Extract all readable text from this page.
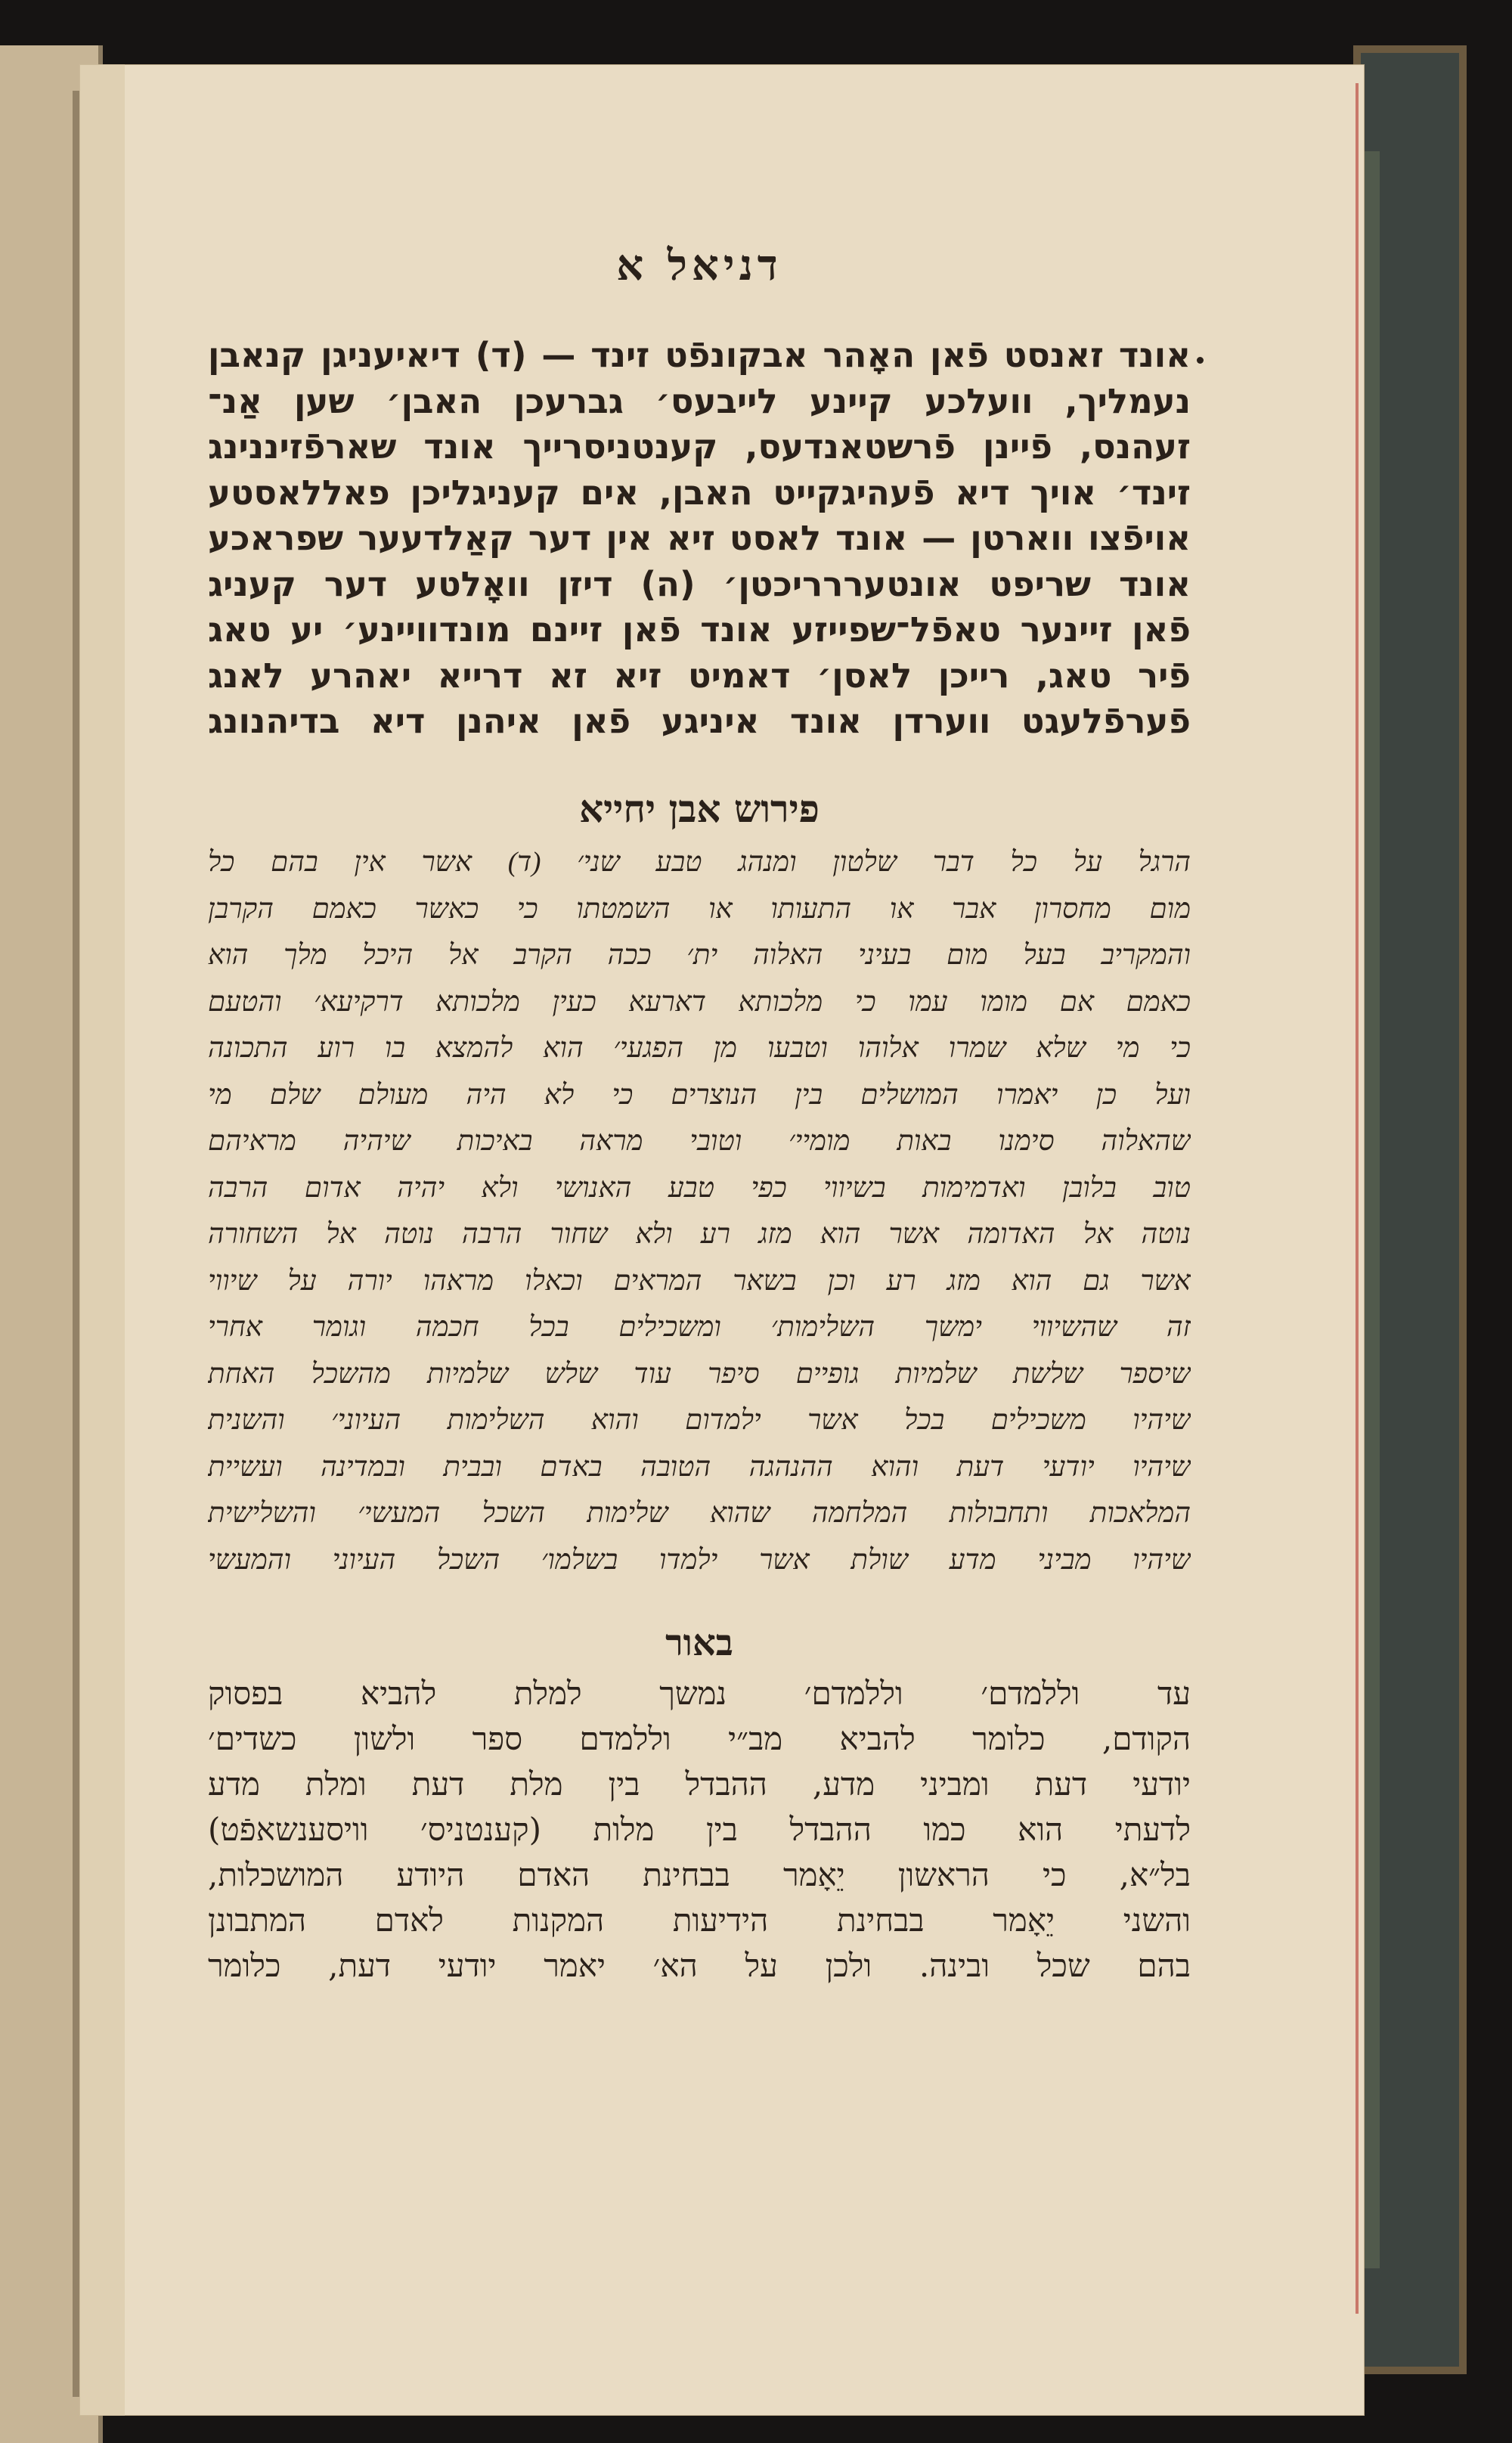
דניאל א
אונד זאנסט פֿאן האָהר אבקונפֿט זינד — (ד) דיאיעניגן קנאבן
נעמליך, וועלכע קיינע לייבעס׳ גברעכן האבן׳ שען אַנ־
זעהנס, פֿיינן פֿרשטאנדעס, קענטניסרייך אונד שארפֿזיננינג
זינד׳ אויך דיא פֿעהיגקייט האבן, אים קעניגליכן פאללאסטע
אויפֿצו ווארטן — אונד לאסט זיא אין דער קאַלדעער שפראכע
אונד שריפט אונטעררריכטן׳ (ה) דיזן וואָלטע דער קעניג
פֿאן זיינער טאפֿל־שפייזע אונד פֿאן זיינם מונדוויינע׳ יע טאג
פֿיר טאג, רייכן לאסן׳ דאמיט זיא זא דרייא יאהרע לאנג
פֿערפֿלעגט ווערדן אונד איניגע פֿאן איהנן דיא בדיהנונג
פירוש אבן יחייא
הרגל על כל דבר שלטון ומנהג טבע שני׳ (ד) אשר אין בהם כל
מום מחסרון אבר או התעותו או השמטתו כי כאשר כאמם הקרבן
והמקריב בעל מום בעיני האלוה ית׳ ככה הקרב אל היכל מלך הוא
כאמם אם מומו עמו כי מלכותא דארעא כעין מלכותא דרקיעא׳ והטעם
כי מי שלא שמרו אלוהו וטבעו מן הפגעי׳ הוא להמצא בו רוע התכונה
ועל כן יאמרו המושלים בין הנוצרים כי לא היה מעולם שלם מי
שהאלוה סימנו באות מומיי׳ וטובי מראה באיכות שיהיה מראיהם
טוב בלובן ואדמימות בשיווי כפי טבע האנושי ולא יהיה אדום הרבה
נוטה אל האדומה אשר הוא מזג רע ולא שחור הרבה נוטה אל השחורה
אשר גם הוא מזג רע וכן בשאר המראים וכאלו מראהו יורה על שיווי
זה שהשיווי ימשך השלימות׳ ומשכילים בכל חכמה וגומר אחרי
שיספר שלשת שלמיות גופיים סיפר עוד שלש שלמיות מהשכל האחת
שיהיו משכילים בכל אשר ילמדום והוא השלימות העיוני׳ והשנית
שיהיו יודעי דעת והוא ההנהגה הטובה באדם ובבית ובמדינה ועשיית
המלאכות ותחבולות המלחמה שהוא שלימות השכל המעשי׳ והשלישית
שיהיו מביני מדע שולת אשר ילמדו בשלמו׳ השכל העיוני והמעשי
באור
עד וללמדם׳ וללמדם׳ נמשך למלת להביא בפסוק
הקודם, כלומר להביא מב״י וללמדם ספר ולשון כשדים׳
יודעי דעת ומביני מדע, ההבדל בין מלת דעת ומלת מדע
לדעתי הוא כמו ההבדל בין מלות (קענטניס׳ וויסענשאפֿט)
בל״א, כי הראשון יֵאָמר בבחינת האדם היודע המושכלות,
והשני יֵאָמר בבחינת הידיעות המקנות לאדם המתבונן
בהם שכל ובינה. ולכן על הא׳ יאמר יודעי דעת, כלומר
